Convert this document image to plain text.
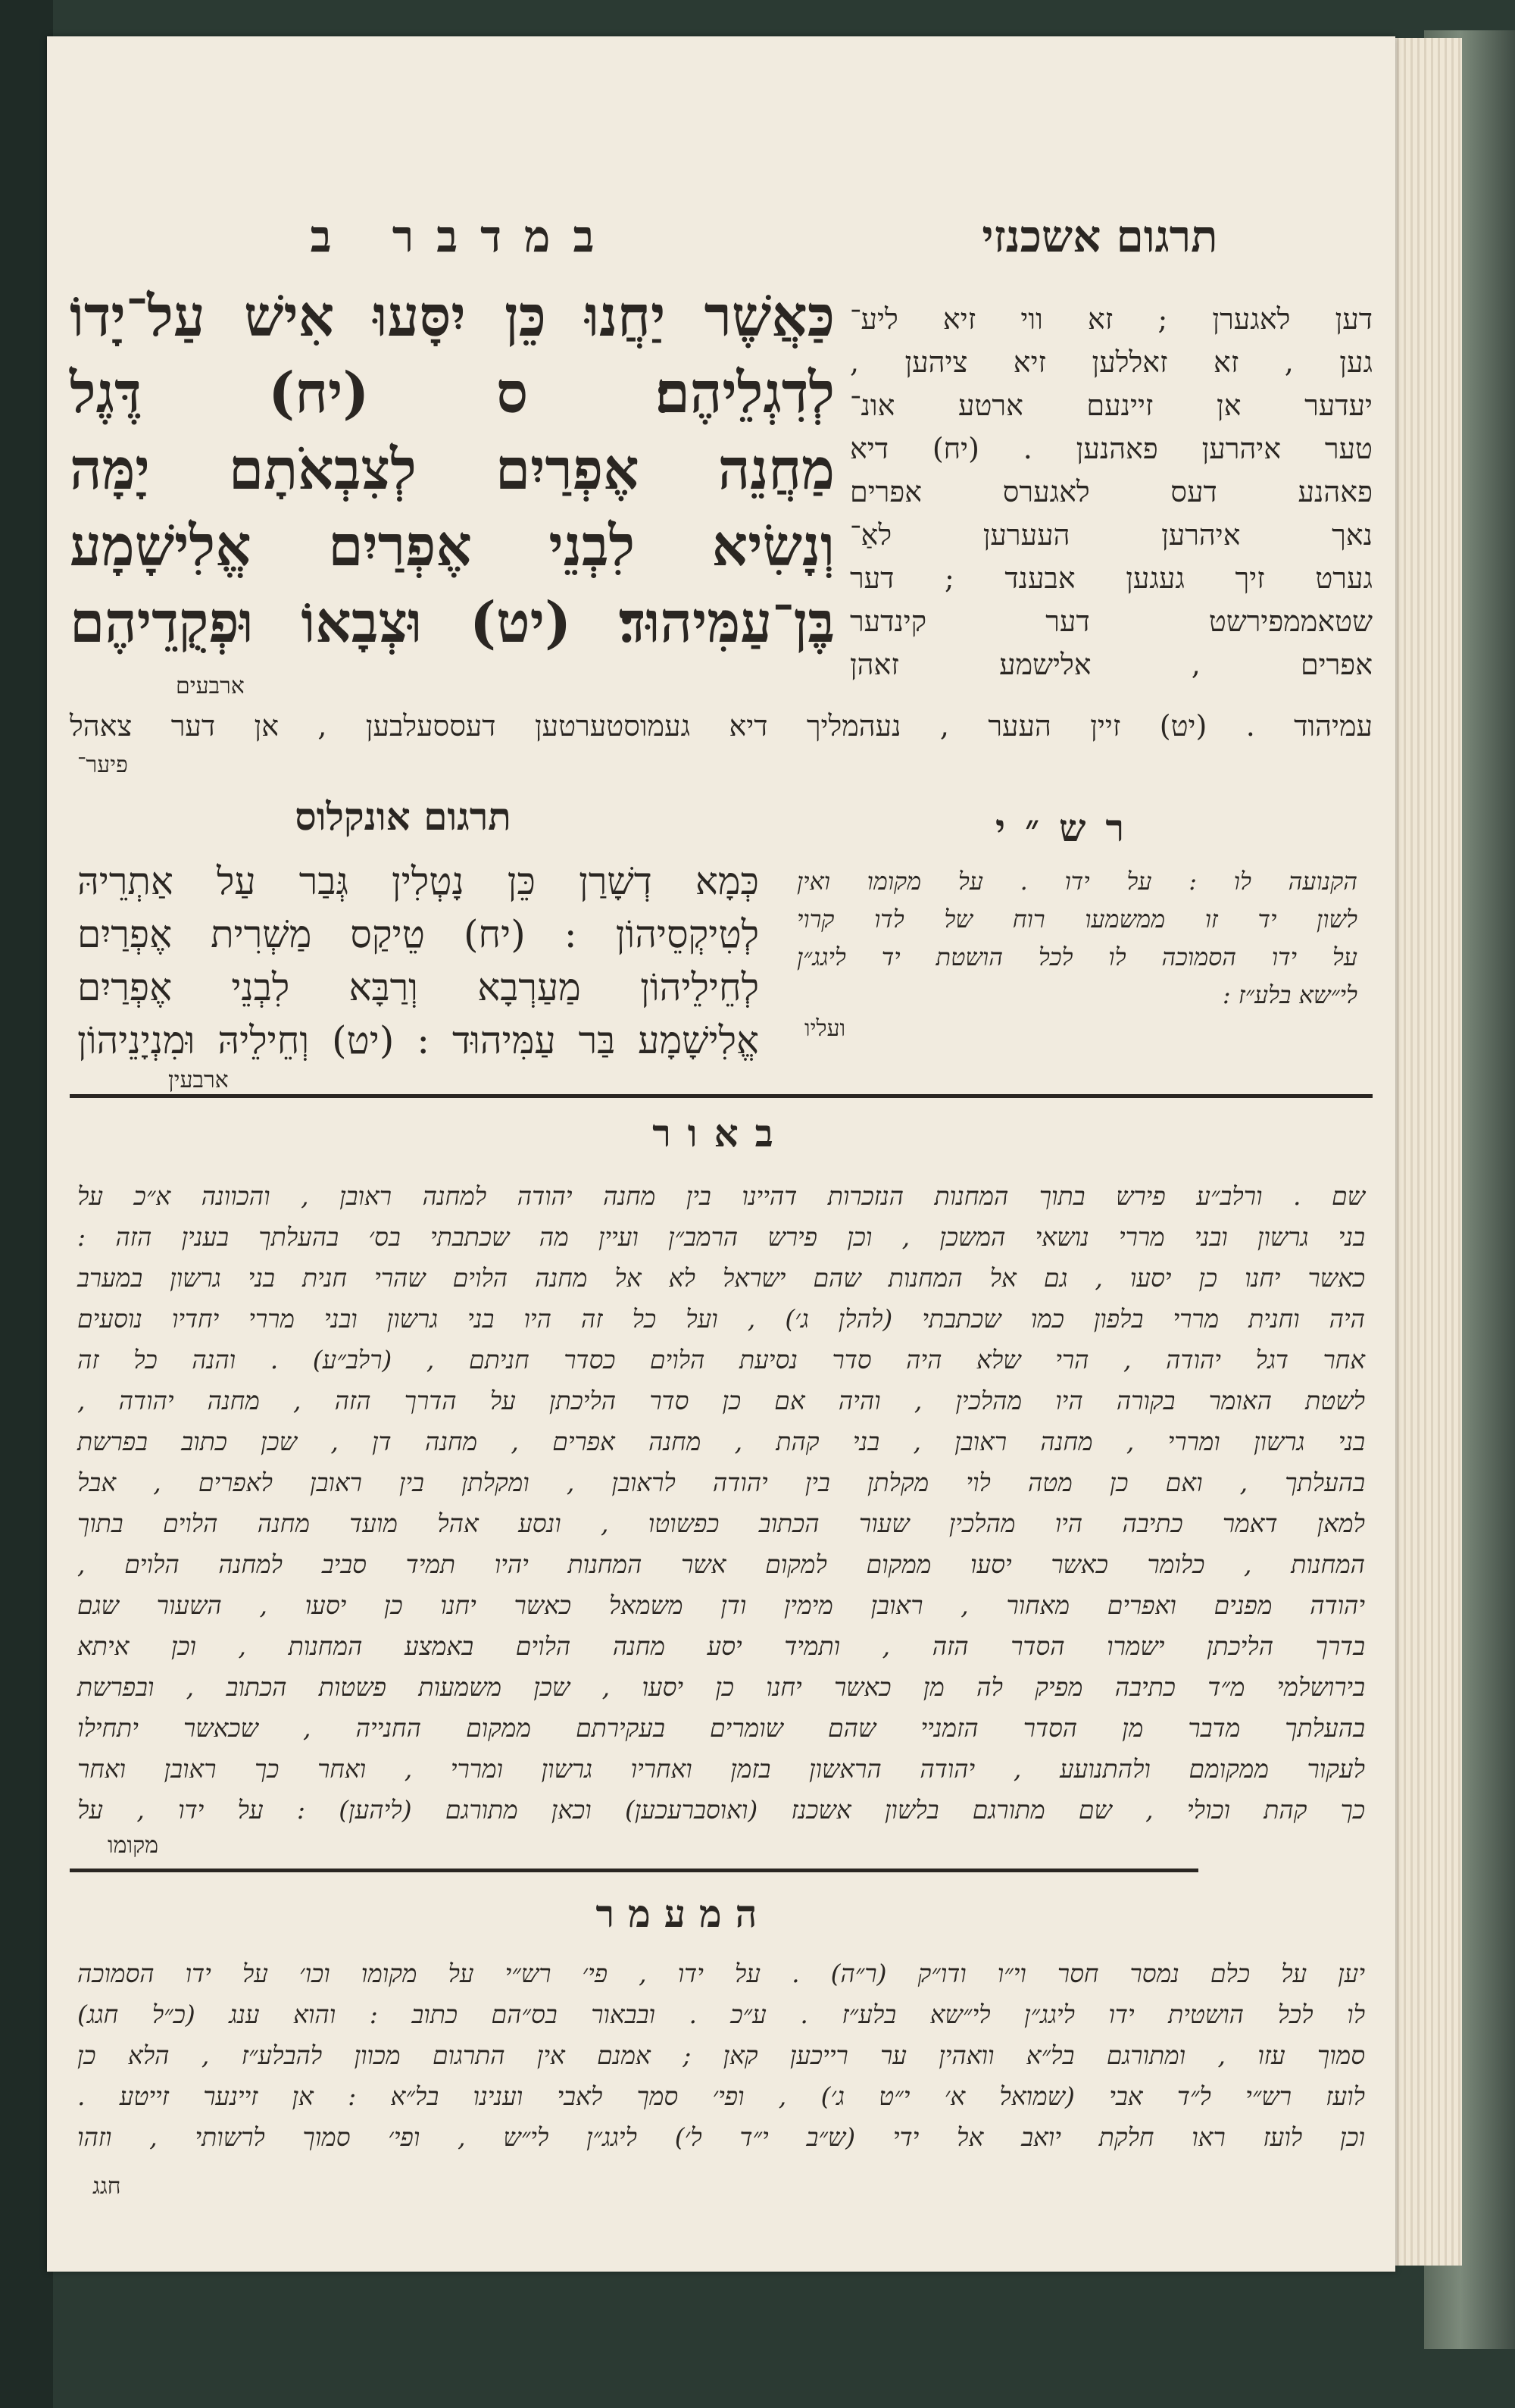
במדבר ב	תרגום אשכנזי
כַּאֲשֶׁר יַחֲנוּ כֵּן יִסָּעוּ אִישׁ עַל־יָדוֹ
לְדִגְלֵיהֶם׃ ס (יח) דֶּגֶל
מַחֲנֵה אֶפְרַיִם לְצִבְאֹתָם יָמָּה
וְנָשִׂיא לִבְנֵי אֶפְרַיִם אֱלִישָׁמָע
בֶּן־עַמִּיהוּד׃ (יט) וּצְבָאוֹ וּפְקֻדֵיהֶם
ארבעים
דען לאגערן ; זא ווי זיא ליע־
גען , זא זאללען זיא ציהען ,
יעדער אן זיינעם ארטע אונ־
טער איהרען פאהנען . (יח) דיא
פאהנע דעס לאגערס אפרים
נאך איהרען העערען לאַ־
גערט זיך געגען אבענד ; דער
שטאממפירשט דער קינדער
אפרים , אלישמע זאהן
עמיהוד . (יט) זיין העער , נעהמליך דיא געמוסטערטען דעססעלבען , אן דער צאהל
פיער־
תרגום אונקלוס	רש״י
כְּמָא דְשָׁרַן כֵּן נָטְלִין גְּבַר עַל אַתְרֵיהּ
לְטִיקְסֵיהוֹן : (יח) טֵיקַס מַשְׁרִית אֶפְרַיִם
לְחֵילֵיהוֹן מַעַרְבָא וְרַבָּא לִבְנֵי אֶפְרַיִם
אֱלִישָׁמָע בַּר עַמִּיהוּד : (יט) וְחֵילֵיהּ וּמִנְיָנֵיהוֹן
ארבעין
הקנועה לו : על ידו . על מקומו ואין
לשון יד זו ממשמעו רוח של לדו קרוי
על ידו הסמוכה לו לכל הושטת יד ליגג״ן
לי״שא בלע״ז :
ועליו
באור
שם . ורלב״ע פירש בתוך המחנות הנזכרות דהיינו בין מחנה יהודה למחנה ראובן , והכוונה א״כ על
בני גרשון ובני מררי נושאי המשכן , וכן פירש הרמב״ן ועיין מה שכתבתי בס׳ בהעלתך בענין הזה :
כאשר יחנו כן יסעו , גם אל המחנות שהם ישראל לא אל מחנה הלוים שהרי חנית בני גרשון במערב
היה וחנית מררי בלפון כמו שכתבתי (להלן ג׳) , ועל כל זה היו בני גרשון ובני מררי יחדיו נוסעים
אחר דגל יהודה , הרי שלא היה סדר נסיעת הלוים כסדר חניתם , (רלב״ע) . והנה כל זה
לשטת האומר בקורה היו מהלכין , והיה אם כן סדר הליכתן על הדרך הזה , מחנה יהודה ,
בני גרשון ומררי , מחנה ראובן , בני קהת , מחנה אפרים , מחנה דן , שכן כתוב בפרשת
בהעלתך , ואם כן מטה לוי מקלתן בין יהודה לראובן , ומקלתן בין ראובן לאפרים , אבל
למאן דאמר כתיבה היו מהלכין שעור הכתוב כפשוטו , ונסע אהל מועד מחנה הלוים בתוך
המחנות , כלומר כאשר יסעו ממקום למקום אשר המחנות יהיו תמיד סביב למחנה הלוים ,
יהודה מפנים ואפרים מאחור , ראובן מימין ודן משמאל כאשר יחנו כן יסעו , השעור שגם
בדרך הליכתן ישמרו הסדר הזה , ותמיד יסע מחנה הלוים באמצע המחנות , וכן איתא
בירושלמי מ״ד כתיבה מפיק לה מן כאשר יחנו כן יסעו , שכן משמעות פשטות הכתוב , ובפרשת
בהעלתך מדבר מן הסדר הזמניי שהם שומרים בעקירתם ממקום החנייה , שכאשר יתחילו
לעקור ממקומם ולהתנועע , יהודה הראשון בזמן ואחריו גרשון ומררי , ואחר כך ראובן ואחר
כך קהת וכולי , שם מתורגם בלשון אשכנז (ואוסברעכען) וכאן מתורגם (ליהען) : על ידו , על
מקומו
המעמר
יען על כלם נמסר חסר וי״ו ודו״ק (ר״ה) . על ידו , פי׳ רש״י על מקומו וכו׳ על ידו הסמוכה
לו לכל הושטית ידו ליגג״ן לי״שא בלע״ז . ע״כ . ובבאור בס״הם כתוב : והוא ענג (כ״ל חגג)
סמוך עזו , ומתורגם בל״א וואהין ער רייכען קאן ; אמנם אין התרגום מכוון להבלע״ז , הלא כן
לועז רש״י ל״ד אבי (שמואל א׳ י״ט ג׳) , ופי׳ סמך לאבי וענינו בל״א : אן זיינער זייטע .
וכן לועז ראו חלקת יואב אל ידי (ש״ב י״ד ל׳) ליגג״ן לי״ש , ופי׳ סמוך לרשותי , וזהו
חגג
